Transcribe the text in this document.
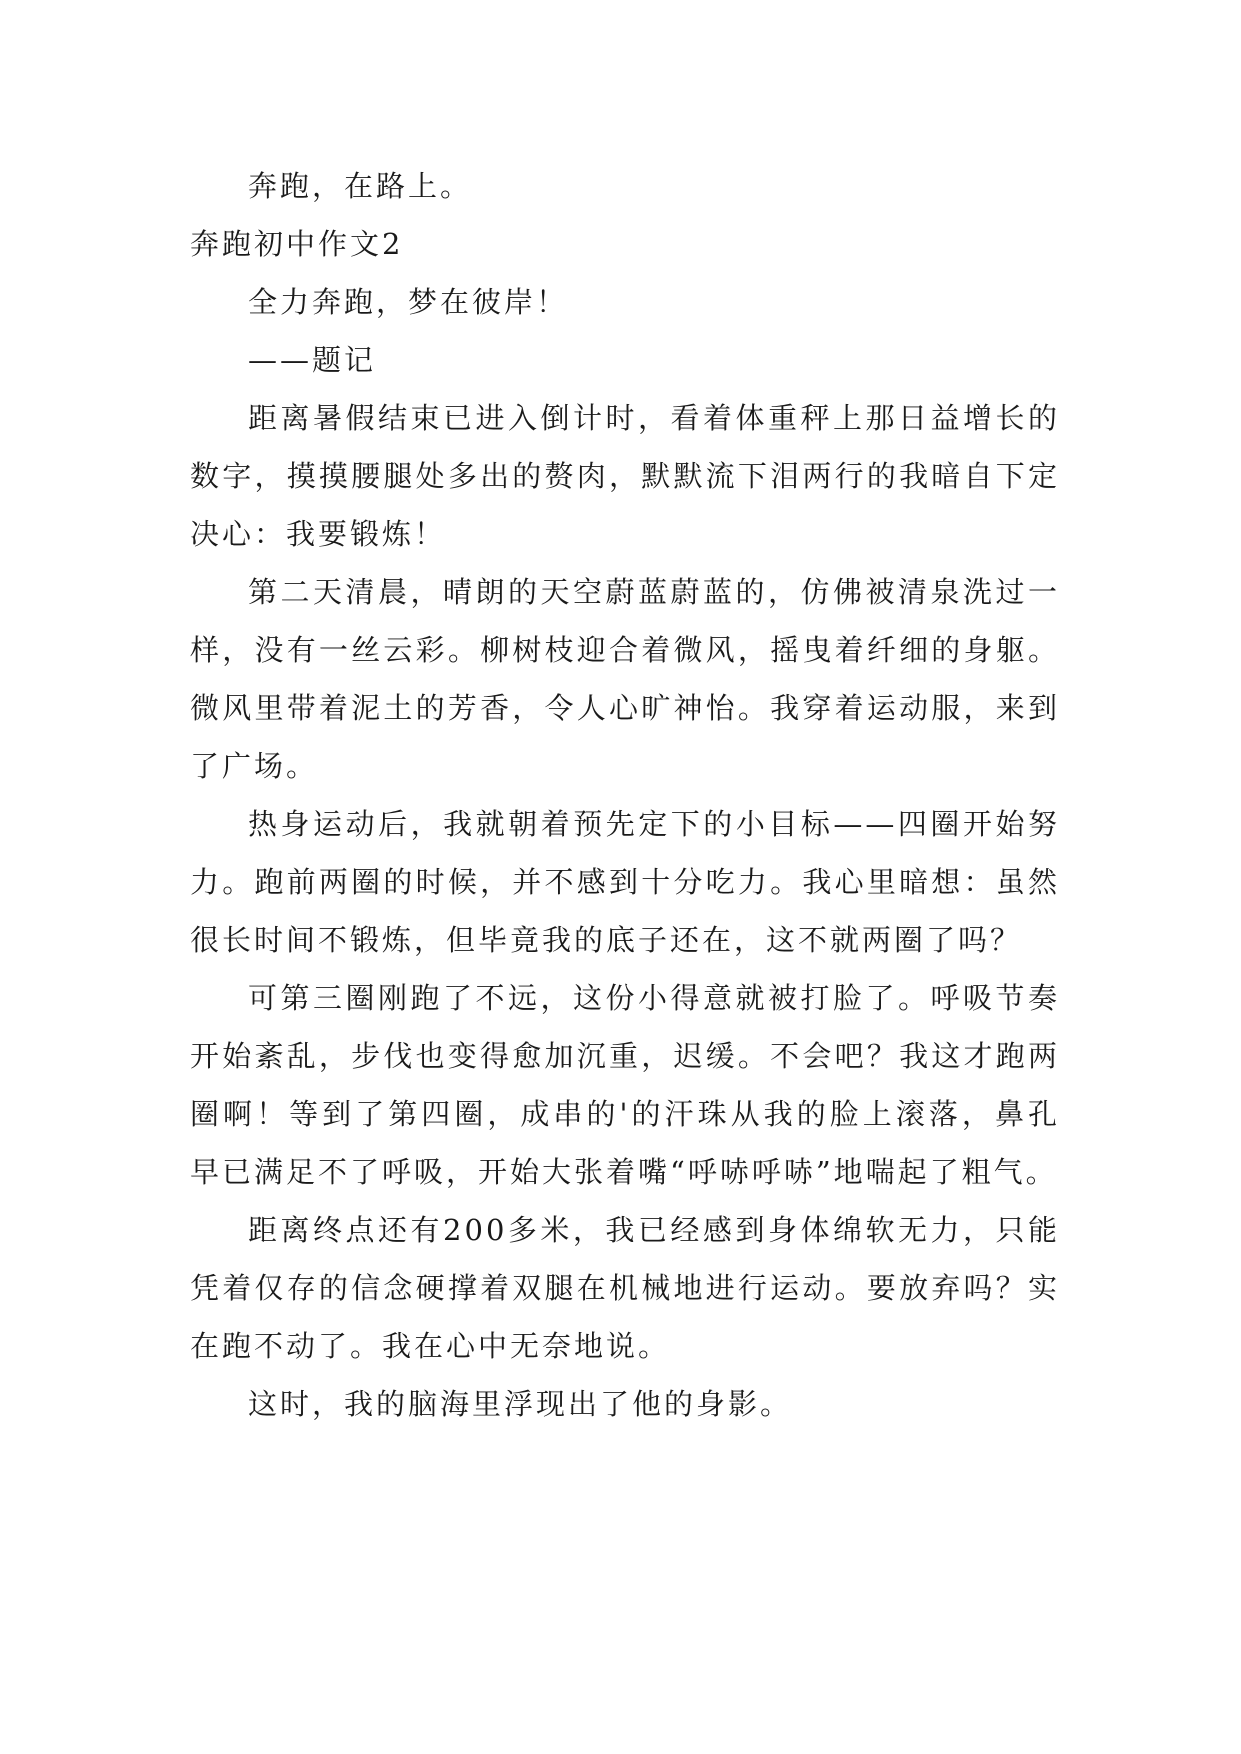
奔跑，在路上。

奔跑初中作文2

全力奔跑，梦在彼岸！

——题记

距离暑假结束已进入倒计时，看着体重秤上那日益增长的数字，摸摸腰腿处多出的赘肉，默默流下泪两行的我暗自下定决心：我要锻炼！

第二天清晨，晴朗的天空蔚蓝蔚蓝的，仿佛被清泉洗过一样，没有一丝云彩。柳树枝迎合着微风，摇曳着纤细的身躯。微风里带着泥土的芳香，令人心旷神怡。我穿着运动服，来到了广场。

热身运动后，我就朝着预先定下的小目标——四圈开始努力。跑前两圈的时候，并不感到十分吃力。我心里暗想：虽然很长时间不锻炼，但毕竟我的底子还在，这不就两圈了吗？

可第三圈刚跑了不远，这份小得意就被打脸了。呼吸节奏开始紊乱，步伐也变得愈加沉重，迟缓。不会吧？我这才跑两圈啊！等到了第四圈，成串的'的汗珠从我的脸上滚落，鼻孔早已满足不了呼吸，开始大张着嘴“呼哧呼哧”地喘起了粗气。

距离终点还有200多米，我已经感到身体绵软无力，只能凭着仅存的信念硬撑着双腿在机械地进行运动。要放弃吗？实在跑不动了。我在心中无奈地说。

这时，我的脑海里浮现出了他的身影。
